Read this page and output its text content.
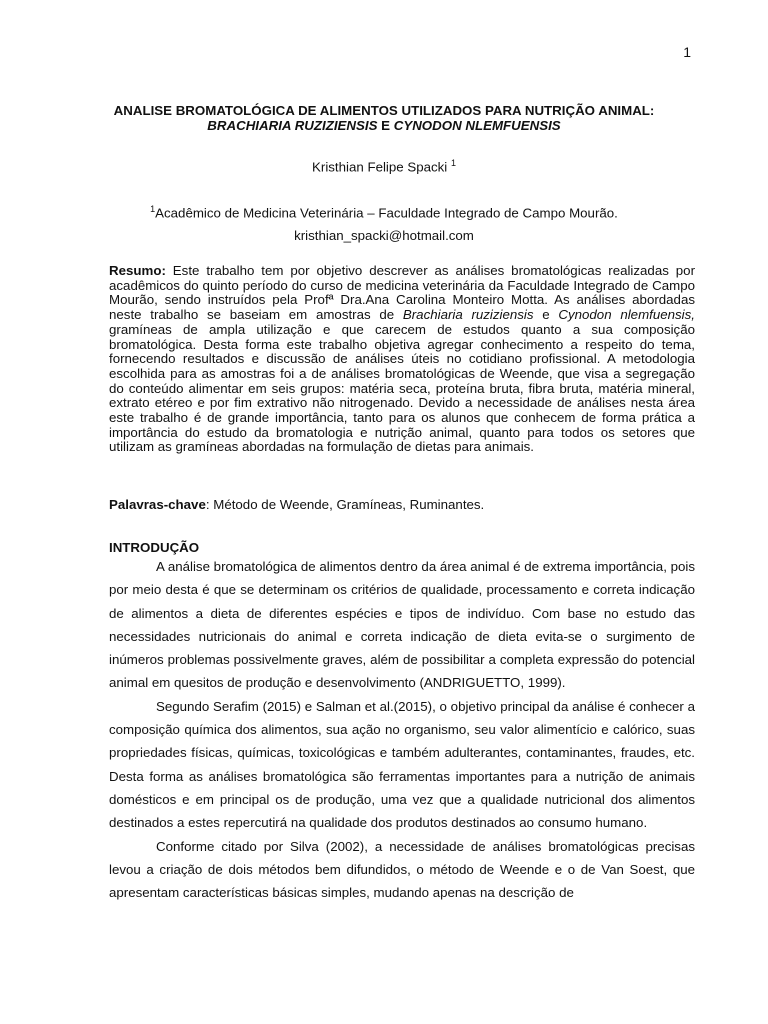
1
ANALISE BROMATOLÓGICA DE ALIMENTOS UTILIZADOS PARA NUTRIÇÃO ANIMAL:
BRACHIARIA RUZIZIENSIS E CYNODON NLEMFUENSIS
Kristhian Felipe Spacki $^1$
$^1$Acadêmico de Medicina Veterinária – Faculdade Integrado de Campo Mourão.
kristhian_spacki@hotmail.com
Resumo: Este trabalho tem por objetivo descrever as análises bromatológicas realizadas por acadêmicos do quinto período do curso de medicina veterinária da Faculdade Integrado de Campo Mourão, sendo instruídos pela Profª Dra.Ana Carolina Monteiro Motta. As análises abordadas neste trabalho se baseiam em amostras de Brachiaria ruziziensis e Cynodon nlemfuensis, gramíneas de ampla utilização e que carecem de estudos quanto a sua composição bromatológica. Desta forma este trabalho objetiva agregar conhecimento a respeito do tema, fornecendo resultados e discussão de análises úteis no cotidiano profissional. A metodologia escolhida para as amostras foi a de análises bromatológicas de Weende, que visa a segregação do conteúdo alimentar em seis grupos: matéria seca, proteína bruta, fibra bruta, matéria mineral, extrato etéreo e por fim extrativo não nitrogenado. Devido a necessidade de análises nesta área este trabalho é de grande importância, tanto para os alunos que conhecem de forma prática a importância do estudo da bromatologia e nutrição animal, quanto para todos os setores que utilizam as gramíneas abordadas na formulação de dietas para animais.
Palavras-chave: Método de Weende, Gramíneas, Ruminantes.
INTRODUÇÃO

A análise bromatológica de alimentos dentro da área animal é de extrema importância, pois por meio desta é que se determinam os critérios de qualidade, processamento e correta indicação de alimentos a dieta de diferentes espécies e tipos de indivíduo. Com base no estudo das necessidades nutricionais do animal e correta indicação de dieta evita-se o surgimento de inúmeros problemas possivelmente graves, além de possibilitar a completa expressão do potencial animal em quesitos de produção e desenvolvimento (ANDRIGUETTO, 1999).

Segundo Serafim (2015) e Salman et al.(2015), o objetivo principal da análise é conhecer a composição química dos alimentos, sua ação no organismo, seu valor alimentício e calórico, suas propriedades físicas, químicas, toxicológicas e também adulterantes, contaminantes, fraudes, etc. Desta forma as análises bromatológica são ferramentas importantes para a nutrição de animais domésticos e em principal os de produção, uma vez que a qualidade nutricional dos alimentos destinados a estes repercutirá na qualidade dos produtos destinados ao consumo humano.

Conforme citado por Silva (2002), a necessidade de análises bromatológicas precisas levou a criação de dois métodos bem difundidos, o método de Weende e o de Van Soest, que apresentam características básicas simples, mudando apenas na descrição de
